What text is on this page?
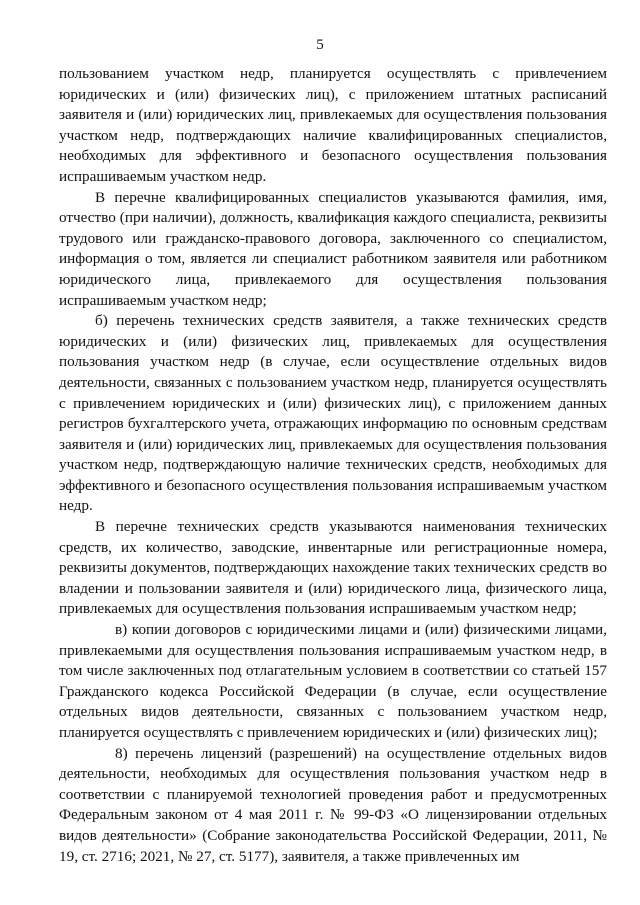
5

пользованием участком недр, планируется осуществлять с привлечением юридических и (или) физических лиц), с приложением штатных расписаний заявителя и (или) юридических лиц, привлекаемых для осуществления пользования участком недр, подтверждающих наличие квалифицированных специалистов, необходимых для эффективного и безопасного осуществления пользования испрашиваемым участком недр.

В перечне квалифицированных специалистов указываются фамилия, имя, отчество (при наличии), должность, квалификация каждого специалиста, реквизиты трудового или гражданско-правового договора, заключенного со специалистом, информация о том, является ли специалист работником заявителя или работником юридического лица, привлекаемого для осуществления пользования испрашиваемым участком недр;

б) перечень технических средств заявителя, а также технических средств юридических и (или) физических лиц, привлекаемых для осуществления пользования участком недр (в случае, если осуществление отдельных видов деятельности, связанных с пользованием участком недр, планируется осуществлять с привлечением юридических и (или) физических лиц), с приложением данных регистров бухгалтерского учета, отражающих информацию по основным средствам заявителя и (или) юридических лиц, привлекаемых для осуществления пользования участком недр, подтверждающую наличие технических средств, необходимых для эффективного и безопасного осуществления пользования испрашиваемым участком недр.

В перечне технических средств указываются наименования технических средств, их количество, заводские, инвентарные или регистрационные номера, реквизиты документов, подтверждающих нахождение таких технических средств во владении и пользовании заявителя и (или) юридического лица, физического лица, привлекаемых для осуществления пользования испрашиваемым участком недр;

в) копии договоров с юридическими лицами и (или) физическими лицами, привлекаемыми для осуществления пользования испрашиваемым участком недр, в том числе заключенных под отлагательным условием в соответствии со статьей 157 Гражданского кодекса Российской Федерации (в случае, если осуществление отдельных видов деятельности, связанных с пользованием участком недр, планируется осуществлять с привлечением юридических и (или) физических лиц);

8) перечень лицензий (разрешений) на осуществление отдельных видов деятельности, необходимых для осуществления пользования участком недр в соответствии с планируемой технологией проведения работ и предусмотренных Федеральным законом от 4 мая 2011 г. № 99-ФЗ «О лицензировании отдельных видов деятельности» (Собрание законодательства Российской Федерации, 2011, № 19, ст. 2716; 2021, № 27, ст. 5177), заявителя, а также привлеченных им
